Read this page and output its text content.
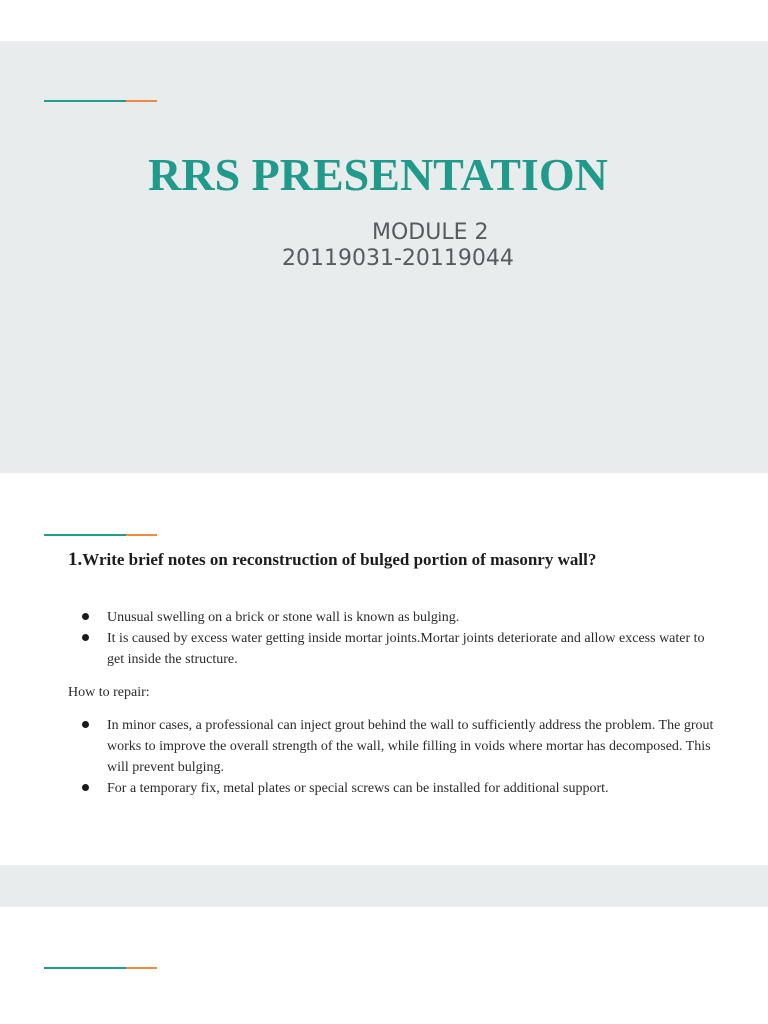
RRS PRESENTATION

MODULE 2

20119031-20119044

1.Write brief notes on reconstruction of bulged portion of masonry wall?
Unusual swelling on a brick or stone wall is known as bulging.
It is caused by excess water getting inside mortar joints.Mortar joints deteriorate and allow excess water to get inside the structure.

How to repair:

In minor cases, a professional can inject grout behind the wall to sufficiently address the problem. The grout works to improve the overall strength of the wall, while filling in voids where mortar has decomposed. This will prevent bulging.
For a temporary fix, metal plates or special screws can be installed for additional support.
